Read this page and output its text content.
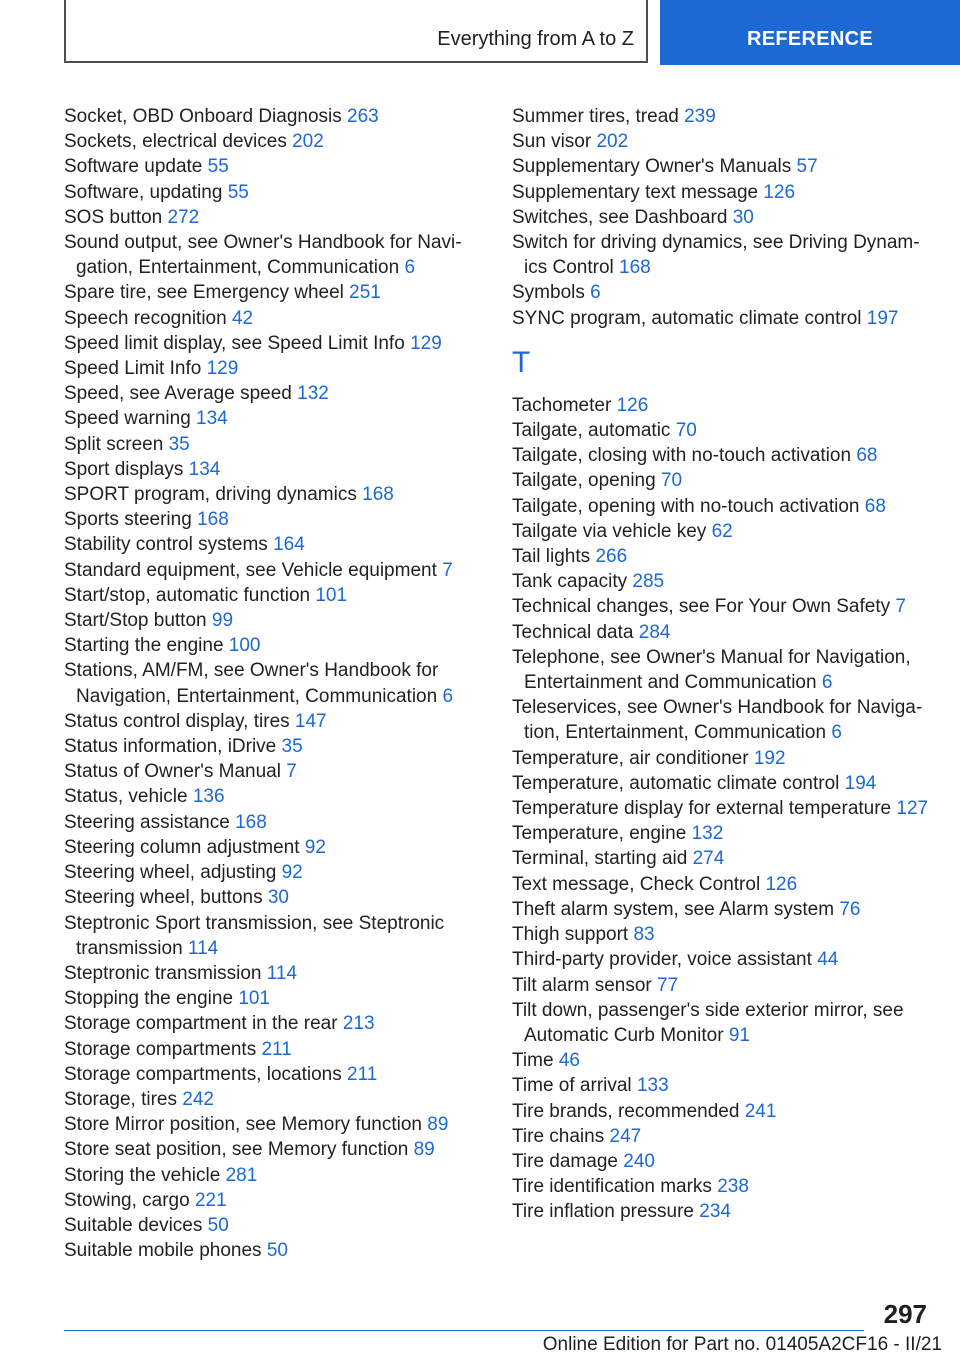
Everything from A to Z	REFERENCE
Socket, OBD Onboard Diagnosis 263
Sockets, electrical devices 202
Software update 55
Software, updating 55
SOS button 272
Sound output, see Owner's Handbook for Navigation, Entertainment, Communication 6
Spare tire, see Emergency wheel 251
Speech recognition 42
Speed limit display, see Speed Limit Info 129
Speed Limit Info 129
Speed, see Average speed 132
Speed warning 134
Split screen 35
Sport displays 134
SPORT program, driving dynamics 168
Sports steering 168
Stability control systems 164
Standard equipment, see Vehicle equipment 7
Start/stop, automatic function 101
Start/Stop button 99
Starting the engine 100
Stations, AM/FM, see Owner's Handbook for Navigation, Entertainment, Communication 6
Status control display, tires 147
Status information, iDrive 35
Status of Owner's Manual 7
Status, vehicle 136
Steering assistance 168
Steering column adjustment 92
Steering wheel, adjusting 92
Steering wheel, buttons 30
Steptronic Sport transmission, see Steptronic transmission 114
Steptronic transmission 114
Stopping the engine 101
Storage compartment in the rear 213
Storage compartments 211
Storage compartments, locations 211
Storage, tires 242
Store Mirror position, see Memory function 89
Store seat position, see Memory function 89
Storing the vehicle 281
Stowing, cargo 221
Suitable devices 50
Suitable mobile phones 50
Summer tires, tread 239
Sun visor 202
Supplementary Owner's Manuals 57
Supplementary text message 126
Switches, see Dashboard 30
Switch for driving dynamics, see Driving Dynamics Control 168
Symbols 6
SYNC program, automatic climate control 197
T
Tachometer 126
Tailgate, automatic 70
Tailgate, closing with no-touch activation 68
Tailgate, opening 70
Tailgate, opening with no-touch activation 68
Tailgate via vehicle key 62
Tail lights 266
Tank capacity 285
Technical changes, see For Your Own Safety 7
Technical data 284
Telephone, see Owner's Manual for Navigation, Entertainment and Communication 6
Teleservices, see Owner's Handbook for Navigation, Entertainment, Communication 6
Temperature, air conditioner 192
Temperature, automatic climate control 194
Temperature display for external temperature 127
Temperature, engine 132
Terminal, starting aid 274
Text message, Check Control 126
Theft alarm system, see Alarm system 76
Thigh support 83
Third-party provider, voice assistant 44
Tilt alarm sensor 77
Tilt down, passenger's side exterior mirror, see Automatic Curb Monitor 91
Time 46
Time of arrival 133
Tire brands, recommended 241
Tire chains 247
Tire damage 240
Tire identification marks 238
Tire inflation pressure 234
297
Online Edition for Part no. 01405A2CF16 - II/21
